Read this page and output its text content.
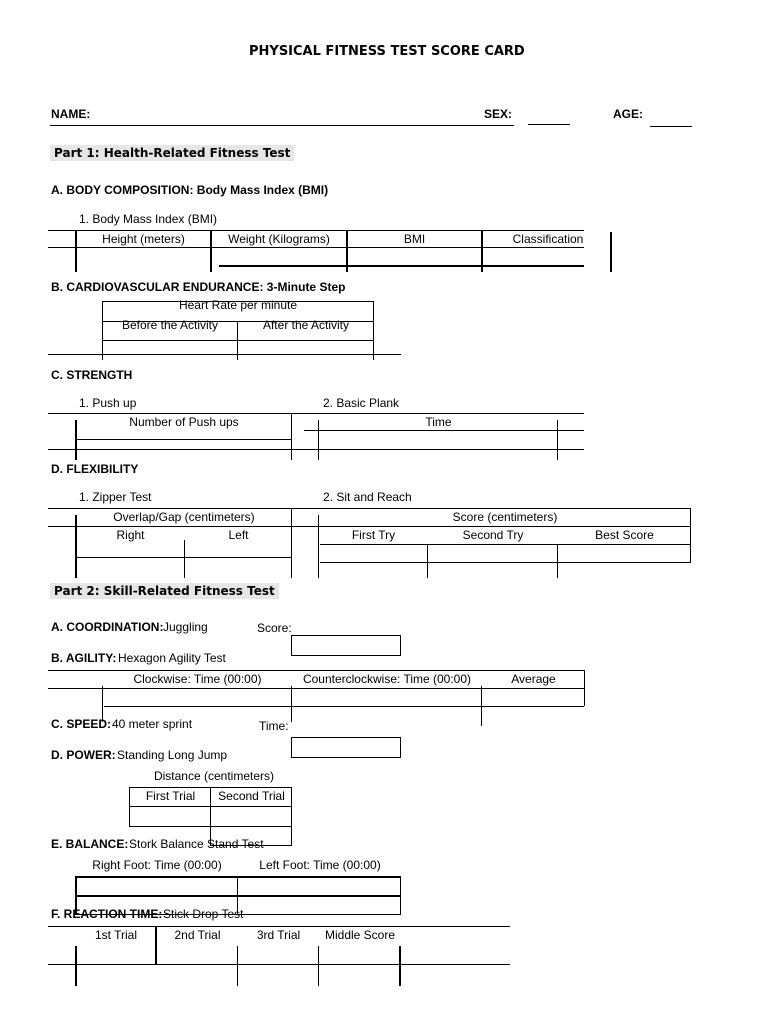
PHYSICAL FITNESS TEST SCORE CARD
NAME:	SEX:	AGE:
Part 1: Health-Related Fitness Test
A. BODY COMPOSITION: Body Mass Index (BMI)
1. Body Mass Index (BMI)
Height (meters)	Weight (Kilograms)	BMI	Classification
B. CARDIOVASCULAR ENDURANCE: 3-Minute Step
Heart Rate per minute
Before the Activity	After the Activity
C. STRENGTH
1. Push up	2. Basic Plank
Number of Push ups	Time
D. FLEXIBILITY
1. Zipper Test	2. Sit and Reach
Overlap/Gap (centimeters)	Score (centimeters)
Right	Left	First Try	Second Try	Best Score
Part 2: Skill-Related Fitness Test
A. COORDINATION: Juggling	Score:
B. AGILITY: Hexagon Agility Test
Clockwise: Time (00:00)	Counterclockwise: Time (00:00)	Average
C. SPEED: 40 meter sprint	Time:
D. POWER: Standing Long Jump
Distance (centimeters)
First Trial	Second Trial
E. BALANCE: Stork Balance Stand Test
Right Foot: Time (00:00)	Left Foot: Time (00:00)
F. REACTION TIME: Stick Drop Test
1st Trial	2nd Trial	3rd Trial	Middle Score
